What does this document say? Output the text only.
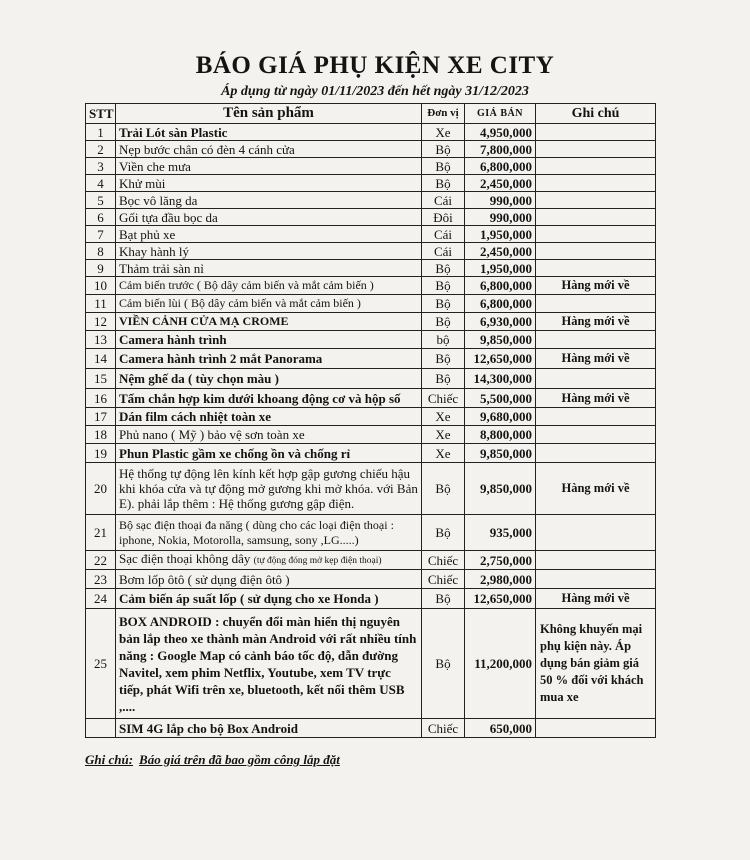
BÁO GIÁ PHỤ KIỆN XE CITY
Áp dụng từ ngày 01/11/2023 đến hết ngày 31/12/2023
STT	Tên sản phẩm	Đơn vị	GIÁ BÁN	Ghi chú
1	Trải Lót sàn Plastic	Xe	4,950,000	
2	Nẹp bước chân có đèn 4 cánh cửa	Bộ	7,800,000	
3	Viền che mưa	Bộ	6,800,000	
4	Khử mùi	Bộ	2,450,000	
5	Bọc vô lăng da	Cái	990,000	
6	Gối tựa đầu bọc da	Đôi	990,000	
7	Bạt phủ xe	Cái	1,950,000	
8	Khay hành lý	Cái	2,450,000	
9	Thảm trải sàn nỉ	Bộ	1,950,000	
10	Cảm biến trước ( Bộ dây cảm biến và mắt cảm biến )	Bộ	6,800,000	Hàng mới về
11	Cảm biến lùi ( Bộ dây cảm biến và mắt cảm biến )	Bộ	6,800,000	
12	VIỀN CẢNH CỬA MẠ CROME	Bộ	6,930,000	Hàng mới về
13	Camera hành trình	bộ	9,850,000	
14	Camera hành trình 2 mắt Panorama	Bộ	12,650,000	Hàng mới về
15	Nệm ghế da ( tùy chọn màu )	Bộ	14,300,000	
16	Tấm chắn hợp kim dưới khoang động cơ và hộp số	Chiếc	5,500,000	Hàng mới về
17	Dán film cách nhiệt toàn xe	Xe	9,680,000	
18	Phủ nano ( Mỹ ) bảo vệ sơn toàn xe	Xe	8,800,000	
19	Phun Plastic gầm xe chống ồn và chống rỉ	Xe	9,850,000	
20	Hệ thống tự động lên kính kết hợp gập gương chiếu hậu khi khóa cửa và tự động mở gương khi mở khóa. với Bản E). phải lắp thêm : Hệ thống gương gập điện.	Bộ	9,850,000	Hàng mới về
21	Bộ sạc điện thoại đa năng ( dùng cho các loại điện thoại : iphone, Nokia, Motorolla, samsung, sony ,LG.....)	Bộ	935,000	
22	Sạc điện thoại không dây (tự động đóng mở kẹp điện thoại)	Chiếc	2,750,000	
23	Bơm lốp ôtô ( sử dụng điện ôtô )	Chiếc	2,980,000	
24	Cảm biến áp suất lốp ( sử dụng cho xe Honda )	Bộ	12,650,000	Hàng mới về
25	BOX ANDROID : chuyển đổi màn hiển thị nguyên bản lắp theo xe thành màn Android với rất nhiều tính năng : Google Map có cảnh báo tốc độ, dẫn đường Navitel, xem phim Netflix, Youtube, xem TV trực tiếp, phát Wifi trên xe, bluetooth, kết nối thêm USB ,....	Bộ	11,200,000	Không khuyến mại phụ kiện này. Áp dụng bán giảm giá 50 % đối với khách mua xe
	SIM 4G lắp cho bộ Box Android	Chiếc	650,000	
Ghi chú: Báo giá trên đã bao gồm công lắp đặt
